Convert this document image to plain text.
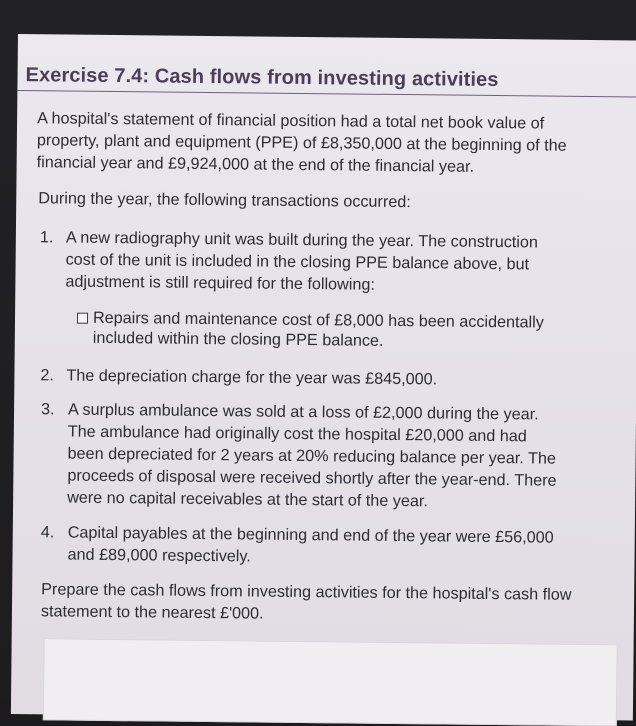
Exercise 7.4: Cash flows from investing activities
A hospital's statement of financial position had a total net book value of
property, plant and equipment (PPE) of £8,350,000 at the beginning of the
financial year and £9,924,000 at the end of the financial year.
During the year, the following transactions occurred:
1. A new radiography unit was built during the year. The construction
cost of the unit is included in the closing PPE balance above, but
adjustment is still required for the following:
Repairs and maintenance cost of £8,000 has been accidentally
included within the closing PPE balance.
2. The depreciation charge for the year was £845,000.
3. A surplus ambulance was sold at a loss of £2,000 during the year.
The ambulance had originally cost the hospital £20,000 and had
been depreciated for 2 years at 20% reducing balance per year. The
proceeds of disposal were received shortly after the year-end. There
were no capital receivables at the start of the year.
4. Capital payables at the beginning and end of the year were £56,000
and £89,000 respectively.
Prepare the cash flows from investing activities for the hospital's cash flow
statement to the nearest £'000.
